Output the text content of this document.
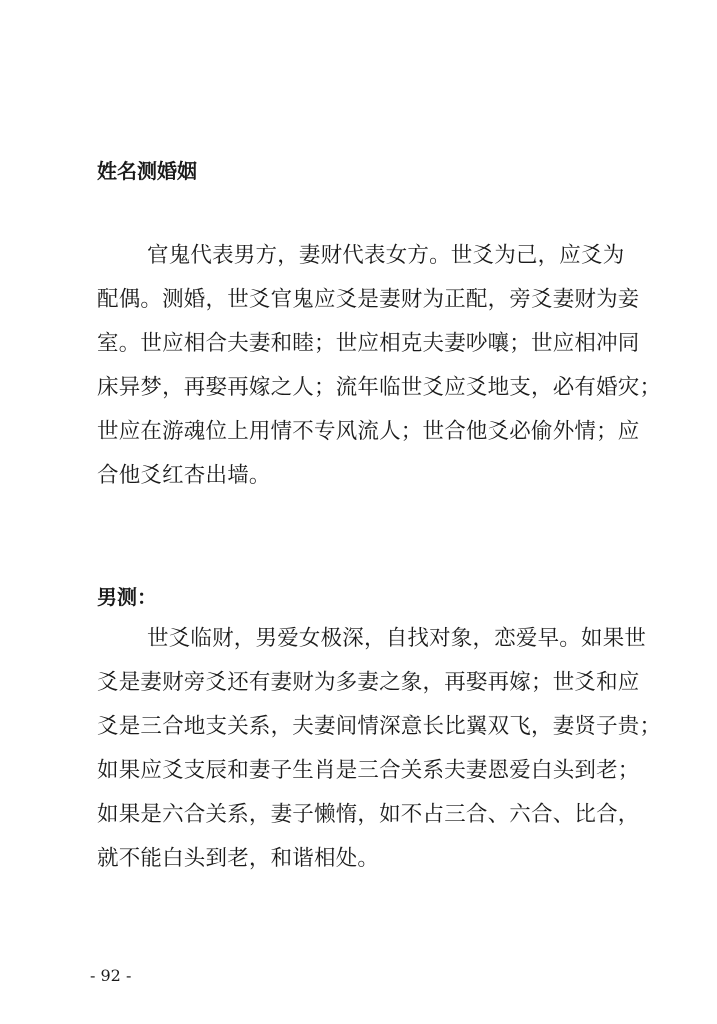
姓名测婚姻
官鬼代表男方，妻财代表女方。世爻为己，应爻为
配偶。测婚，世爻官鬼应爻是妻财为正配，旁爻妻财为妾
室。世应相合夫妻和睦；世应相克夫妻吵嚷；世应相冲同
床异梦，再娶再嫁之人；流年临世爻应爻地支，必有婚灾；
世应在游魂位上用情不专风流人；世合他爻必偷外情；应
合他爻红杏出墙。
男测：
世爻临财，男爱女极深，自找对象，恋爱早。如果世
爻是妻财旁爻还有妻财为多妻之象，再娶再嫁；世爻和应
爻是三合地支关系，夫妻间情深意长比翼双飞，妻贤子贵；
如果应爻支辰和妻子生肖是三合关系夫妻恩爱白头到老；
如果是六合关系，妻子懒惰，如不占三合、六合、比合，
就不能白头到老，和谐相处。
- 92 -
